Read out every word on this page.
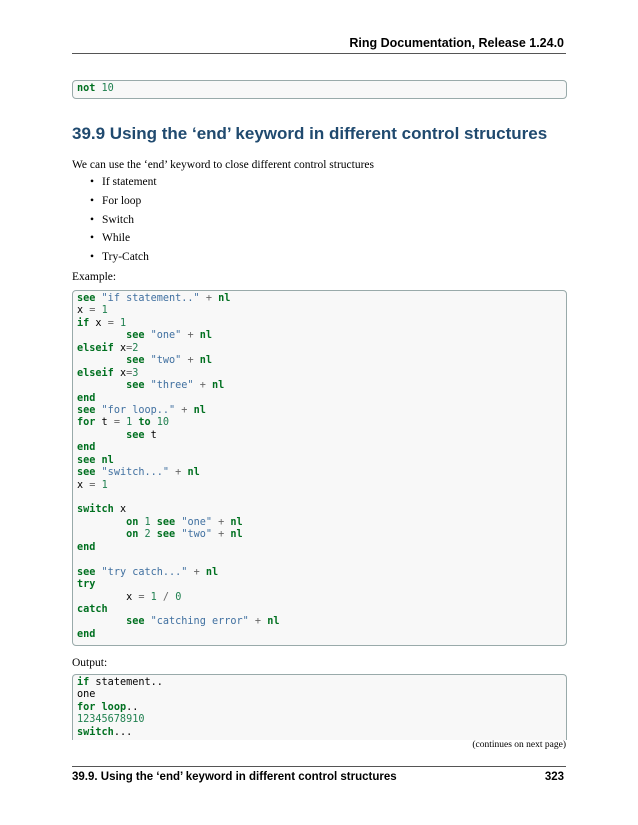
Ring Documentation, Release 1.24.0
not 10
39.9 Using the ‘end’ keyword in different control structures
We can use the ‘end’ keyword to close different control structures
• If statement
• For loop
• Switch
• While
• Try-Catch
Example:
see "if statement.." + nl
x = 1
if x = 1
see "one" + nl
elseif x=2
see "two" + nl
elseif x=3
see "three" + nl
end
see "for loop.." + nl
for t = 1 to 10
see t
end
see nl
see "switch..." + nl
x = 1

switch x
on 1 see "one" + nl
on 2 see "two" + nl
end

see "try catch..." + nl
try
x = 1 / 0
catch
see "catching error" + nl
end
Output:
if statement..
one
for loop..
12345678910
switch...
(continues on next page)
39.9. Using the ‘end’ keyword in different control structures	323
